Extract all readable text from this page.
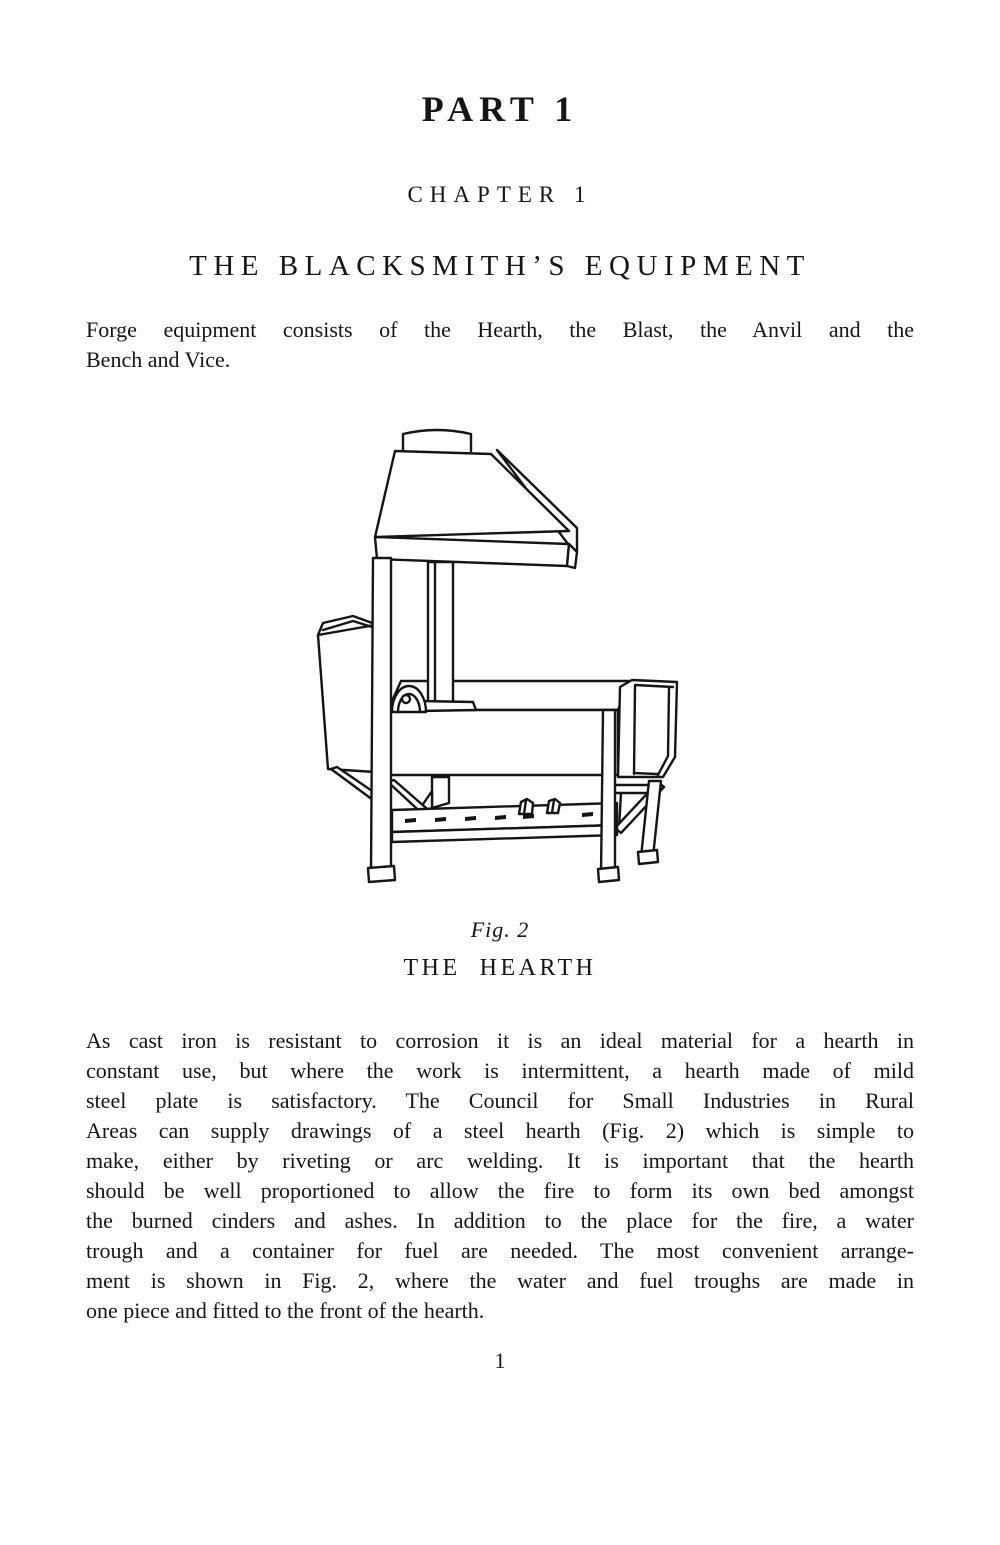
PART 1
CHAPTER 1
THE BLACKSMITH’S EQUIPMENT
Forge equipment consists of the Hearth, the Blast, the Anvil and the
Bench and Vice.
Fig. 2
THE  HEARTH
As cast iron is resistant to corrosion it is an ideal material for a hearth in
constant use, but where the work is intermittent, a hearth made of mild
steel plate is satisfactory. The Council for Small Industries in Rural
Areas can supply drawings of a steel hearth (Fig. 2) which is simple to
make, either by riveting or arc welding. It is important that the hearth
should be well proportioned to allow the fire to form its own bed amongst
the burned cinders and ashes. In addition to the place for the fire, a water
trough and a container for fuel are needed. The most convenient arrange-
ment is shown in Fig. 2, where the water and fuel troughs are made in
one piece and fitted to the front of the hearth.
1
